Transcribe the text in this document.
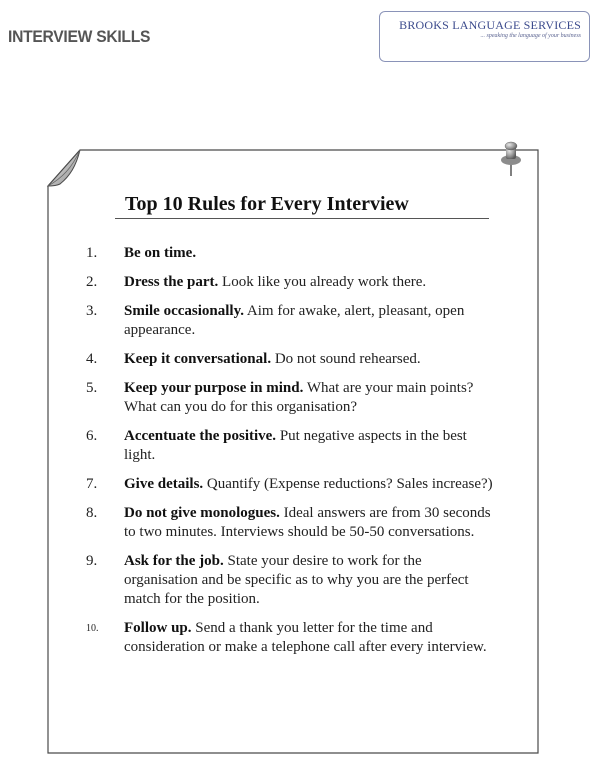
INTERVIEW SKILLS
BROOKS LANGUAGE SERVICES
... speaking the language of your business
Top 10 Rules for Every Interview
1.	Be on time.
2.	Dress the part. Look like you already work there.
3.	Smile occasionally. Aim for awake, alert, pleasant, open appearance.
4.	Keep it conversational. Do not sound rehearsed.
5.	Keep your purpose in mind. What are your main points? What can you do for this organisation?
6.	Accentuate the positive. Put negative aspects in the best light.
7.	Give details. Quantify (Expense reductions? Sales increase?)
8.	Do not give monologues. Ideal answers are from 30 seconds to two minutes. Interviews should be 50-50 conversations.
9.	Ask for the job. State your desire to work for the organisation and be specific as to why you are the perfect match for the position.
10.	Follow up. Send a thank you letter for the time and consideration or make a telephone call after every interview.
